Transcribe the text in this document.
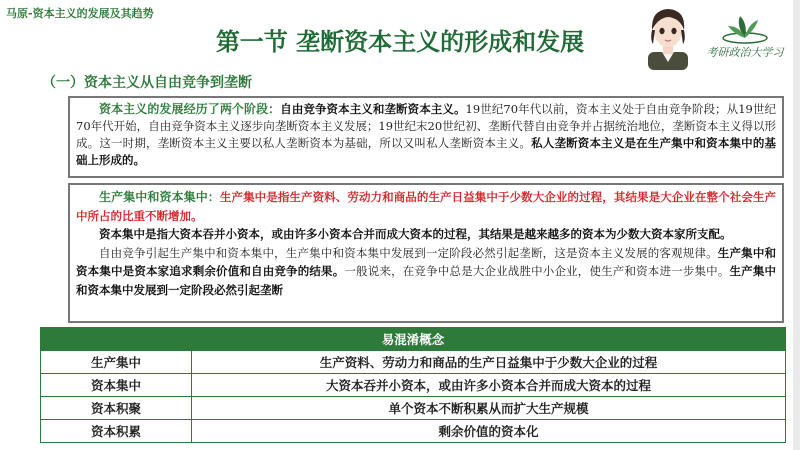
马原-资本主义的发展及其趋势
第一节 垄断资本主义的形成和发展	考研政治大学习
（一）资本主义从自由竞争到垄断

资本主义的发展经历了两个阶段：自由竞争资本主义和垄断资本主义。19世纪70年代以前，资本主义处于自由竞争阶段；从19世纪70年代开始，自由竞争资本主义逐步向垄断资本主义发展；19世纪末20世纪初、垄断代替自由竞争并占据统治地位，垄断资本主义得以形成。这一时期，垄断资本主义主要以私人垄断资本为基础，所以又叫私人垄断资本主义。私人垄断资本主义是在生产集中和资本集中的基础上形成的。

生产集中和资本集中：生产集中是指生产资料、劳动力和商品的生产日益集中于少数大企业的过程，其结果是大企业在整个社会生产中所占的比重不断增加。

资本集中是指大资本吞并小资本，或由许多小资本合并而成大资本的过程，其结果是越来越多的资本为少数大资本家所支配。

自由竞争引起生产集中和资本集中，生产集中和资本集中发展到一定阶段必然引起垄断，这是资本主义发展的客观规律。生产集中和资本集中是资本家追求剩余价值和自由竞争的结果。一般说来，在竞争中总是大企业战胜中小企业，使生产和资本进一步集中。生产集中和资本集中发展到一定阶段必然引起垄断

易混淆概念	
生产集中	生产资料、劳动力和商品的生产日益集中于少数大企业的过程
资本集中	大资本吞并小资本，或由许多小资本合并而成大资本的过程
资本积聚	单个资本不断积累从而扩大生产规模
资本积累	剩余价值的资本化
